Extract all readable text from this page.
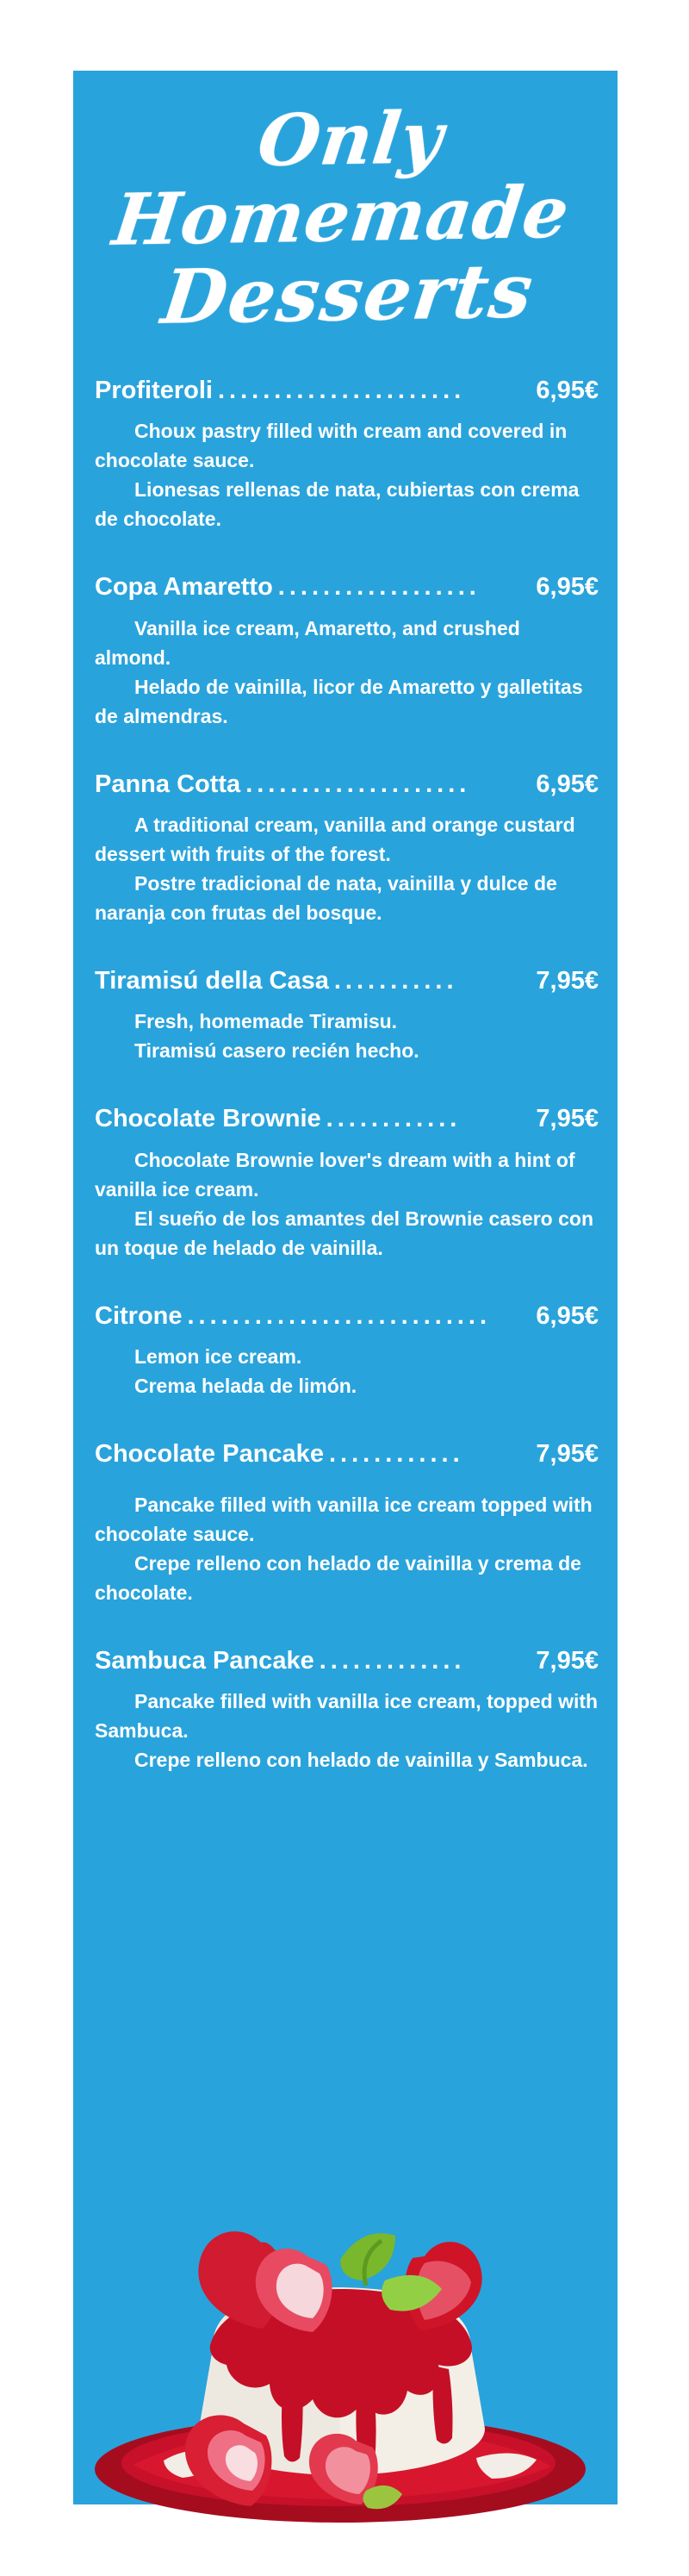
Only Homemade
Desserts
Profiteroli ......................	6,95€

Choux pastry filled with cream and covered in chocolate sauce.

Lionesas rellenas de nata, cubiertas con crema de chocolate.

Copa Amaretto ..................	6,95€

Vanilla ice cream, Amaretto, and crushed almond.

Helado de vainilla, licor de Amaretto y galletitas de almendras.

Panna Cotta ....................	6,95€

A traditional cream, vanilla and orange custard dessert with fruits of the forest.

Postre tradicional de nata, vainilla y dulce de naranja con frutas del bosque.

Tiramisú della Casa ...........	7,95€

Fresh, homemade Tiramisu.

Tiramisú casero recién hecho.

Chocolate Brownie ............	7,95€

Chocolate Brownie lover's dream with a hint of vanilla ice cream.

El sueño de los amantes del Brownie casero con un toque de helado de vainilla.

Citrone ...........................	6,95€

Lemon ice cream.

Crema helada de limón.

Chocolate Pancake ............	7,95€

Pancake filled with vanilla ice cream topped with chocolate sauce.

Crepe relleno con helado de vainilla y crema de chocolate.

Sambuca Pancake .............	7,95€

Pancake filled with vanilla ice cream, topped with Sambuca.

Crepe relleno con helado de vainilla y Sambuca.
